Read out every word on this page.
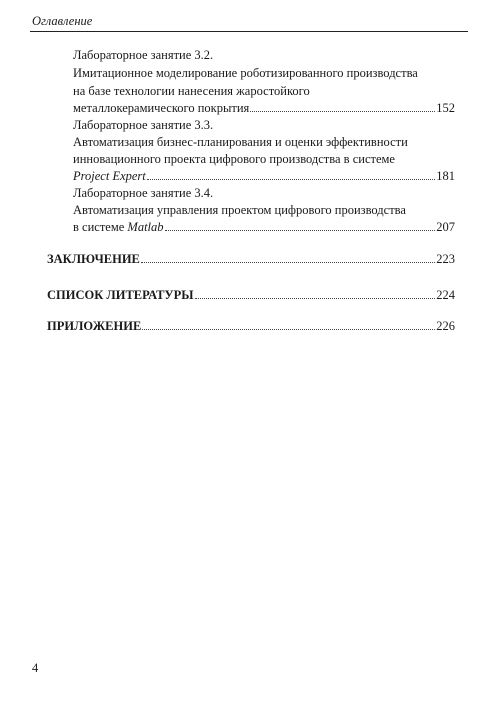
Оглавление
Лабораторное занятие 3.2.
Имитационное моделирование роботизированного производства
на базе технологии нанесения жаростойкого
металлокерамического покрытия	152
Лабораторное занятие 3.3.
Автоматизация бизнес-планирования и оценки эффективности
инновационного проекта цифрового производства в системе
Project Expert	181
Лабораторное занятие 3.4.
Автоматизация управления проектом цифрового производства
в системе Matlab	207
ЗАКЛЮЧЕНИЕ	223
СПИСОК ЛИТЕРАТУРЫ	224
ПРИЛОЖЕНИЕ	226
4
